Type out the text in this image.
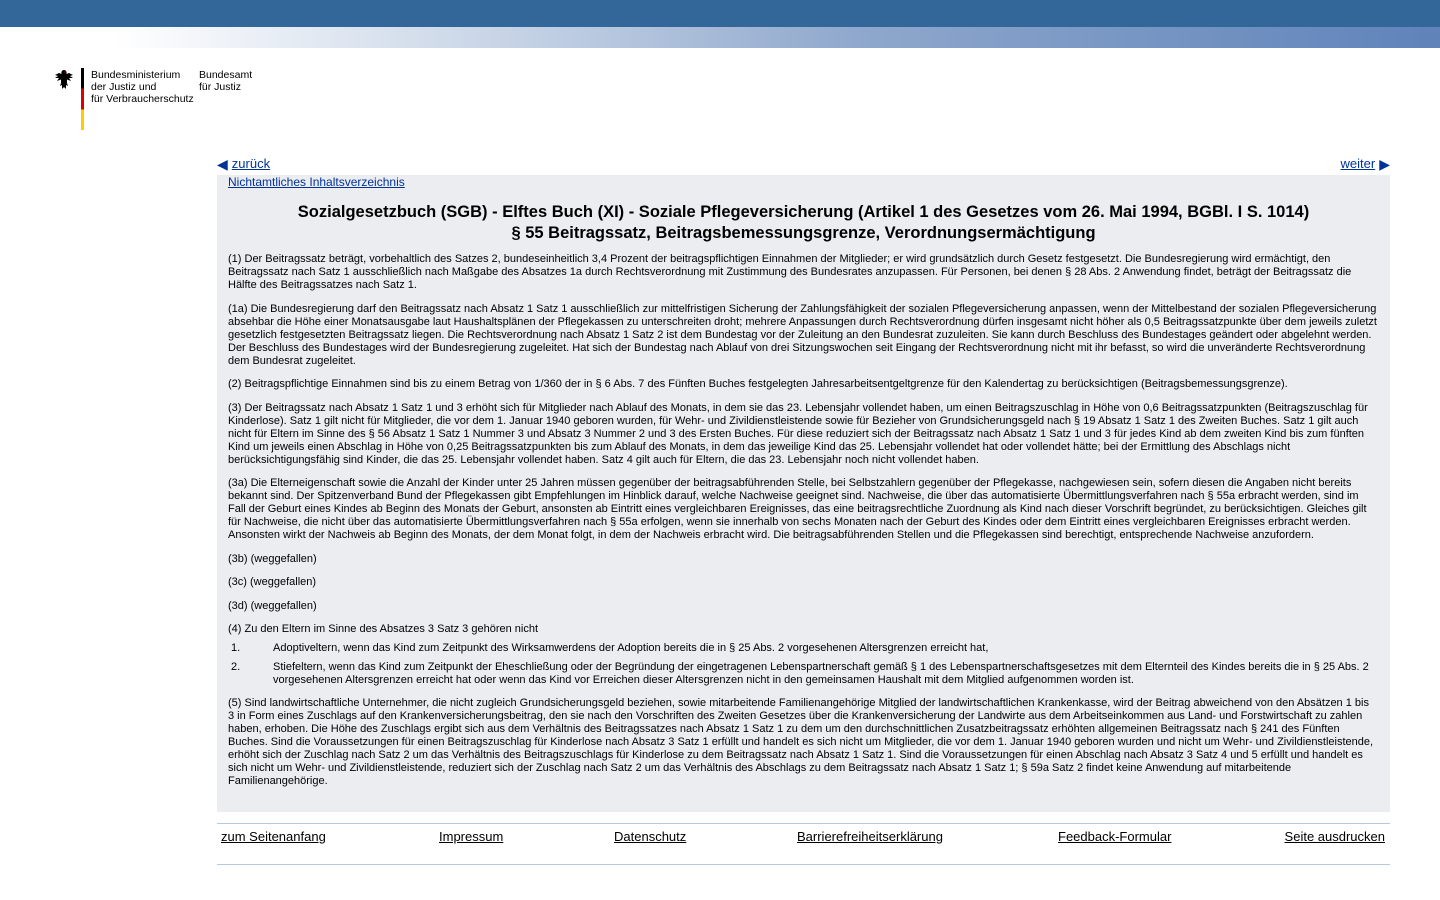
Bundesministerium
der Justiz und
für Verbraucherschutz
Bundesamt
für Justiz
◀ zurück	weiter ▶
Nichtamtliches Inhaltsverzeichnis
Sozialgesetzbuch (SGB) - Elftes Buch (XI) - Soziale Pflegeversicherung (Artikel 1 des Gesetzes vom 26. Mai 1994, BGBl. I S. 1014)
§ 55 Beitragssatz, Beitragsbemessungsgrenze, Verordnungsermächtigung

(1) Der Beitragssatz beträgt, vorbehaltlich des Satzes 2, bundeseinheitlich 3,4 Prozent der beitragspflichtigen Einnahmen der Mitglieder; er wird grundsätzlich durch Gesetz festgesetzt. Die Bundesregierung wird ermächtigt, den Beitragssatz nach Satz 1 ausschließlich nach Maßgabe des Absatzes 1a durch Rechtsverordnung mit Zustimmung des Bundesrates anzupassen. Für Personen, bei denen § 28 Abs. 2 Anwendung findet, beträgt der Beitragssatz die Hälfte des Beitragssatzes nach Satz 1.

(1a) Die Bundesregierung darf den Beitragssatz nach Absatz 1 Satz 1 ausschließlich zur mittelfristigen Sicherung der Zahlungsfähigkeit der sozialen Pflegeversicherung anpassen, wenn der Mittelbestand der sozialen Pflegeversicherung absehbar die Höhe einer Monatsausgabe laut Haushaltsplänen der Pflegekassen zu unterschreiten droht; mehrere Anpassungen durch Rechtsverordnung dürfen insgesamt nicht höher als 0,5 Beitragssatzpunkte über dem jeweils zuletzt gesetzlich festgesetzten Beitragssatz liegen. Die Rechtsverordnung nach Absatz 1 Satz 2 ist dem Bundestag vor der Zuleitung an den Bundesrat zuzuleiten. Sie kann durch Beschluss des Bundestages geändert oder abgelehnt werden. Der Beschluss des Bundestages wird der Bundesregierung zugeleitet. Hat sich der Bundestag nach Ablauf von drei Sitzungswochen seit Eingang der Rechtsverordnung nicht mit ihr befasst, so wird die unveränderte Rechtsverordnung dem Bundesrat zugeleitet.

(2) Beitragspflichtige Einnahmen sind bis zu einem Betrag von 1/360 der in § 6 Abs. 7 des Fünften Buches festgelegten Jahresarbeitsentgeltgrenze für den Kalendertag zu berücksichtigen (Beitragsbemessungsgrenze).

(3) Der Beitragssatz nach Absatz 1 Satz 1 und 3 erhöht sich für Mitglieder nach Ablauf des Monats, in dem sie das 23. Lebensjahr vollendet haben, um einen Beitragszuschlag in Höhe von 0,6 Beitragssatzpunkten (Beitragszuschlag für Kinderlose). Satz 1 gilt nicht für Mitglieder, die vor dem 1. Januar 1940 geboren wurden, für Wehr- und Zivildienstleistende sowie für Bezieher von Grundsicherungsgeld nach § 19 Absatz 1 Satz 1 des Zweiten Buches. Satz 1 gilt auch nicht für Eltern im Sinne des § 56 Absatz 1 Satz 1 Nummer 3 und Absatz 3 Nummer 2 und 3 des Ersten Buches. Für diese reduziert sich der Beitragssatz nach Absatz 1 Satz 1 und 3 für jedes Kind ab dem zweiten Kind bis zum fünften Kind um jeweils einen Abschlag in Höhe von 0,25 Beitragssatzpunkten bis zum Ablauf des Monats, in dem das jeweilige Kind das 25. Lebensjahr vollendet hat oder vollendet hätte; bei der Ermittlung des Abschlags nicht berücksichtigungsfähig sind Kinder, die das 25. Lebensjahr vollendet haben. Satz 4 gilt auch für Eltern, die das 23. Lebensjahr noch nicht vollendet haben.

(3a) Die Elterneigenschaft sowie die Anzahl der Kinder unter 25 Jahren müssen gegenüber der beitragsabführenden Stelle, bei Selbstzahlern gegenüber der Pflegekasse, nachgewiesen sein, sofern diesen die Angaben nicht bereits bekannt sind. Der Spitzenverband Bund der Pflegekassen gibt Empfehlungen im Hinblick darauf, welche Nachweise geeignet sind. Nachweise, die über das automatisierte Übermittlungsverfahren nach § 55a erbracht werden, sind im Fall der Geburt eines Kindes ab Beginn des Monats der Geburt, ansonsten ab Eintritt eines vergleichbaren Ereignisses, das eine beitragsrechtliche Zuordnung als Kind nach dieser Vorschrift begründet, zu berücksichtigen. Gleiches gilt für Nachweise, die nicht über das automatisierte Übermittlungsverfahren nach § 55a erfolgen, wenn sie innerhalb von sechs Monaten nach der Geburt des Kindes oder dem Eintritt eines vergleichbaren Ereignisses erbracht werden. Ansonsten wirkt der Nachweis ab Beginn des Monats, der dem Monat folgt, in dem der Nachweis erbracht wird. Die beitragsabführenden Stellen und die Pflegekassen sind berechtigt, entsprechende Nachweise anzufordern.

(3b) (weggefallen)

(3c) (weggefallen)

(3d) (weggefallen)

(4) Zu den Eltern im Sinne des Absatzes 3 Satz 3 gehören nicht

1.	Adoptiveltern, wenn das Kind zum Zeitpunkt des Wirksamwerdens der Adoption bereits die in § 25 Abs. 2 vorgesehenen Altersgrenzen erreicht hat,
2.	Stiefeltern, wenn das Kind zum Zeitpunkt der Eheschließung oder der Begründung der eingetragenen Lebenspartnerschaft gemäß § 1 des Lebenspartnerschaftsgesetzes mit dem Elternteil des Kindes bereits die in § 25 Abs. 2 vorgesehenen Altersgrenzen erreicht hat oder wenn das Kind vor Erreichen dieser Altersgrenzen nicht in den gemeinsamen Haushalt mit dem Mitglied aufgenommen worden ist.

(5) Sind landwirtschaftliche Unternehmer, die nicht zugleich Grundsicherungsgeld beziehen, sowie mitarbeitende Familienangehörige Mitglied der landwirtschaftlichen Krankenkasse, wird der Beitrag abweichend von den Absätzen 1 bis 3 in Form eines Zuschlags auf den Krankenversicherungsbeitrag, den sie nach den Vorschriften des Zweiten Gesetzes über die Krankenversicherung der Landwirte aus dem Arbeitseinkommen aus Land- und Forstwirtschaft zu zahlen haben, erhoben. Die Höhe des Zuschlags ergibt sich aus dem Verhältnis des Beitragssatzes nach Absatz 1 Satz 1 zu dem um den durchschnittlichen Zusatzbeitragssatz erhöhten allgemeinen Beitragssatz nach § 241 des Fünften Buches. Sind die Voraussetzungen für einen Beitragszuschlag für Kinderlose nach Absatz 3 Satz 1 erfüllt und handelt es sich nicht um Mitglieder, die vor dem 1. Januar 1940 geboren wurden und nicht um Wehr- und Zivildienstleistende, erhöht sich der Zuschlag nach Satz 2 um das Verhältnis des Beitragszuschlags für Kinderlose zu dem Beitragssatz nach Absatz 1 Satz 1. Sind die Voraussetzungen für einen Abschlag nach Absatz 3 Satz 4 und 5 erfüllt und handelt es sich nicht um Wehr- und Zivildienstleistende, reduziert sich der Zuschlag nach Satz 2 um das Verhältnis des Abschlags zu dem Beitragssatz nach Absatz 1 Satz 1; § 59a Satz 2 findet keine Anwendung auf mitarbeitende Familienangehörige.

zum Seitenanfang	Impressum	Datenschutz	Barrierefreiheitserklärung	Feedback-Formular	Seite ausdrucken
